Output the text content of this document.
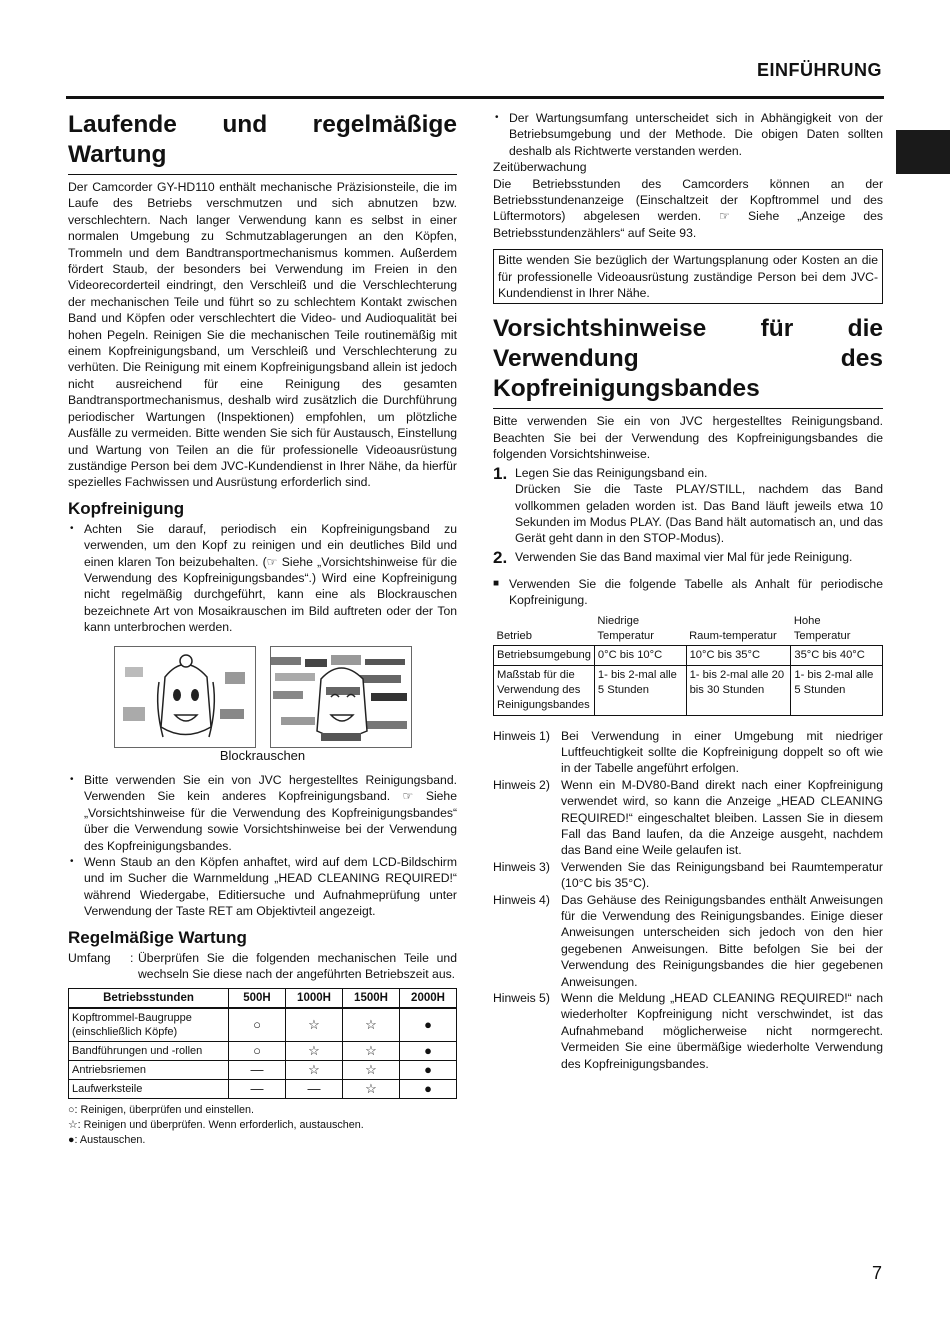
EINFÜHRUNG
Laufende und regelmäßige Wartung

Der Camcorder GY-HD110 enthält mechanische Präzisionsteile, die im Laufe des Betriebs verschmutzen und sich abnutzen bzw. verschlechtern. Nach langer Verwendung kann es selbst in einer normalen Umgebung zu Schmutzablagerungen an den Köpfen, Trommeln und dem Bandtransportmechanismus kommen. Außerdem fördert Staub, der besonders bei Verwendung im Freien in den Videorecorderteil eindringt, den Verschleiß und die Verschlechterung der mechanischen Teile und führt so zu schlechtem Kontakt zwischen Band und Köpfen oder verschlechtert die Video- und Audioqualität bei hohen Pegeln. Reinigen Sie die mechanischen Teile routinemäßig mit einem Kopfreinigungsband, um Verschleiß und Verschlechterung zu verhüten. Die Reinigung mit einem Kopfreinigungsband allein ist jedoch nicht ausreichend für eine Reinigung des gesamten Bandtransportmechanismus, deshalb wird zusätzlich die Durchführung periodischer Wartungen (Inspektionen) empfohlen, um plötzliche Ausfälle zu vermeiden. Bitte wenden Sie sich für Austausch, Einstellung und Wartung von Teilen an die für professionelle Videoausrüstung zuständige Person bei dem JVC-Kundendienst in Ihrer Nähe, da hierfür spezielles Fachwissen und Ausrüstung erforderlich sind.

Kopfreinigung
• Achten Sie darauf, periodisch ein Kopfreinigungsband zu verwenden, um den Kopf zu reinigen und ein deutliches Bild und einen klaren Ton beizubehalten. (☞ Siehe „Vorsichtshinweise für die Verwendung des Kopfreinigungsbandes“.) Wird eine Kopfreinigung nicht regelmäßig durchgeführt, kann eine als Blockrauschen bezeichnete Art von Mosaikrauschen im Bild auftreten oder der Ton kann unterbrochen werden.
Blockrauschen
• Bitte verwenden Sie ein von JVC hergestelltes Reinigungsband. Verwenden Sie kein anderes Kopfreinigungsband. ☞ Siehe „Vorsichtshinweise für die Verwendung des Kopfreinigungsbandes“ über die Verwendung sowie Vorsichtshinweise bei der Verwendung des Kopfreinigungsbandes.
• Wenn Staub an den Köpfen anhaftet, wird auf dem LCD-Bildschirm und im Sucher die Warnmeldung „HEAD CLEANING REQUIRED!“ während Wiedergabe, Editiersuche und Aufnahmeprüfung unter Verwendung der Taste RET am Objektivteil angezeigt.
Regelmäßige Wartung
Umfang	: Überprüfen Sie die folgenden mechanischen Teile und wechseln Sie diese nach der angeführten Betriebszeit aus.
Betriebsstunden	500H	1000H	1500H	2000H
Kopftrommel-Baugruppe (einschließlich Köpfe)	○	☆	☆	●
Bandführungen und -rollen	○	☆	☆	●
Antriebsriemen	—	☆	☆	●
Laufwerksteile	—	—	☆	●
○: Reinigen, überprüfen und einstellen.
☆: Reinigen und überprüfen. Wenn erforderlich, austauschen.
●: Austauschen.
• Der Wartungsumfang unterscheidet sich in Abhängigkeit von der Betriebsumgebung und der Methode. Die obigen Daten sollten deshalb als Richtwerte verstanden werden.

Zeitüberwachung

Die Betriebsstunden des Camcorders können an der Betriebsstundenanzeige (Einschaltzeit der Kopftrommel und des Lüftermotors) abgelesen werden. ☞ Siehe „Anzeige des Betriebsstundenzählers“ auf Seite 93.

Bitte wenden Sie bezüglich der Wartungsplanung oder Kosten an die für professionelle Videoausrüstung zuständige Person bei dem JVC-Kundendienst in Ihrer Nähe.
Vorsichtshinweise für die Verwendung des Kopfreinigungsbandes

Bitte verwenden Sie ein von JVC hergestelltes Reinigungsband. Beachten Sie bei der Verwendung des Kopfreinigungsbandes die folgenden Vorsichtshinweise.

1. Legen Sie das Reinigungsband ein.
Drücken Sie die Taste PLAY/STILL, nachdem das Band vollkommen geladen worden ist. Das Band läuft jeweils etwa 10 Sekunden im Modus PLAY. (Das Band hält automatisch an, und das Gerät geht dann in den STOP-Modus).
2. Verwenden Sie das Band maximal vier Mal für jede Reinigung.
■ Verwenden Sie die folgende Tabelle als Anhalt für periodische Kopfreinigung.
Betrieb	Niedrige Temperatur	Raum-temperatur	Hohe Temperatur
Betriebsumgebung	0°C bis 10°C	10°C bis 35°C	35°C bis 40°C
Maßstab für die Verwendung des Reinigungsbandes	1- bis 2-mal alle 5 Stunden	1- bis 2-mal alle 20 bis 30 Stunden	1- bis 2-mal alle 5 Stunden
Hinweis 1) Bei Verwendung in einer Umgebung mit niedriger Luftfeuchtigkeit sollte die Kopfreinigung doppelt so oft wie in der Tabelle angeführt erfolgen.
Hinweis 2) Wenn ein M-DV80-Band direkt nach einer Kopfreinigung verwendet wird, so kann die Anzeige „HEAD CLEANING REQUIRED!“ eingeschaltet bleiben. Lassen Sie in diesem Fall das Band laufen, da die Anzeige ausgeht, nachdem das Band eine Weile gelaufen ist.
Hinweis 3) Verwenden Sie das Reinigungsband bei Raumtemperatur (10°C bis 35°C).
Hinweis 4) Das Gehäuse des Reinigungsbandes enthält Anweisungen für die Verwendung des Reinigungsbandes. Einige dieser Anweisungen unterscheiden sich jedoch von den hier gegebenen Anweisungen. Bitte befolgen Sie bei der Verwendung des Reinigungsbandes die hier gegebenen Anweisungen.
Hinweis 5) Wenn die Meldung „HEAD CLEANING REQUIRED!“ nach wiederholter Kopfreinigung nicht verschwindet, ist das Aufnahmeband möglicherweise nicht normgerecht. Vermeiden Sie eine übermäßige wiederholte Verwendung des Kopfreinigungsbandes.
7
